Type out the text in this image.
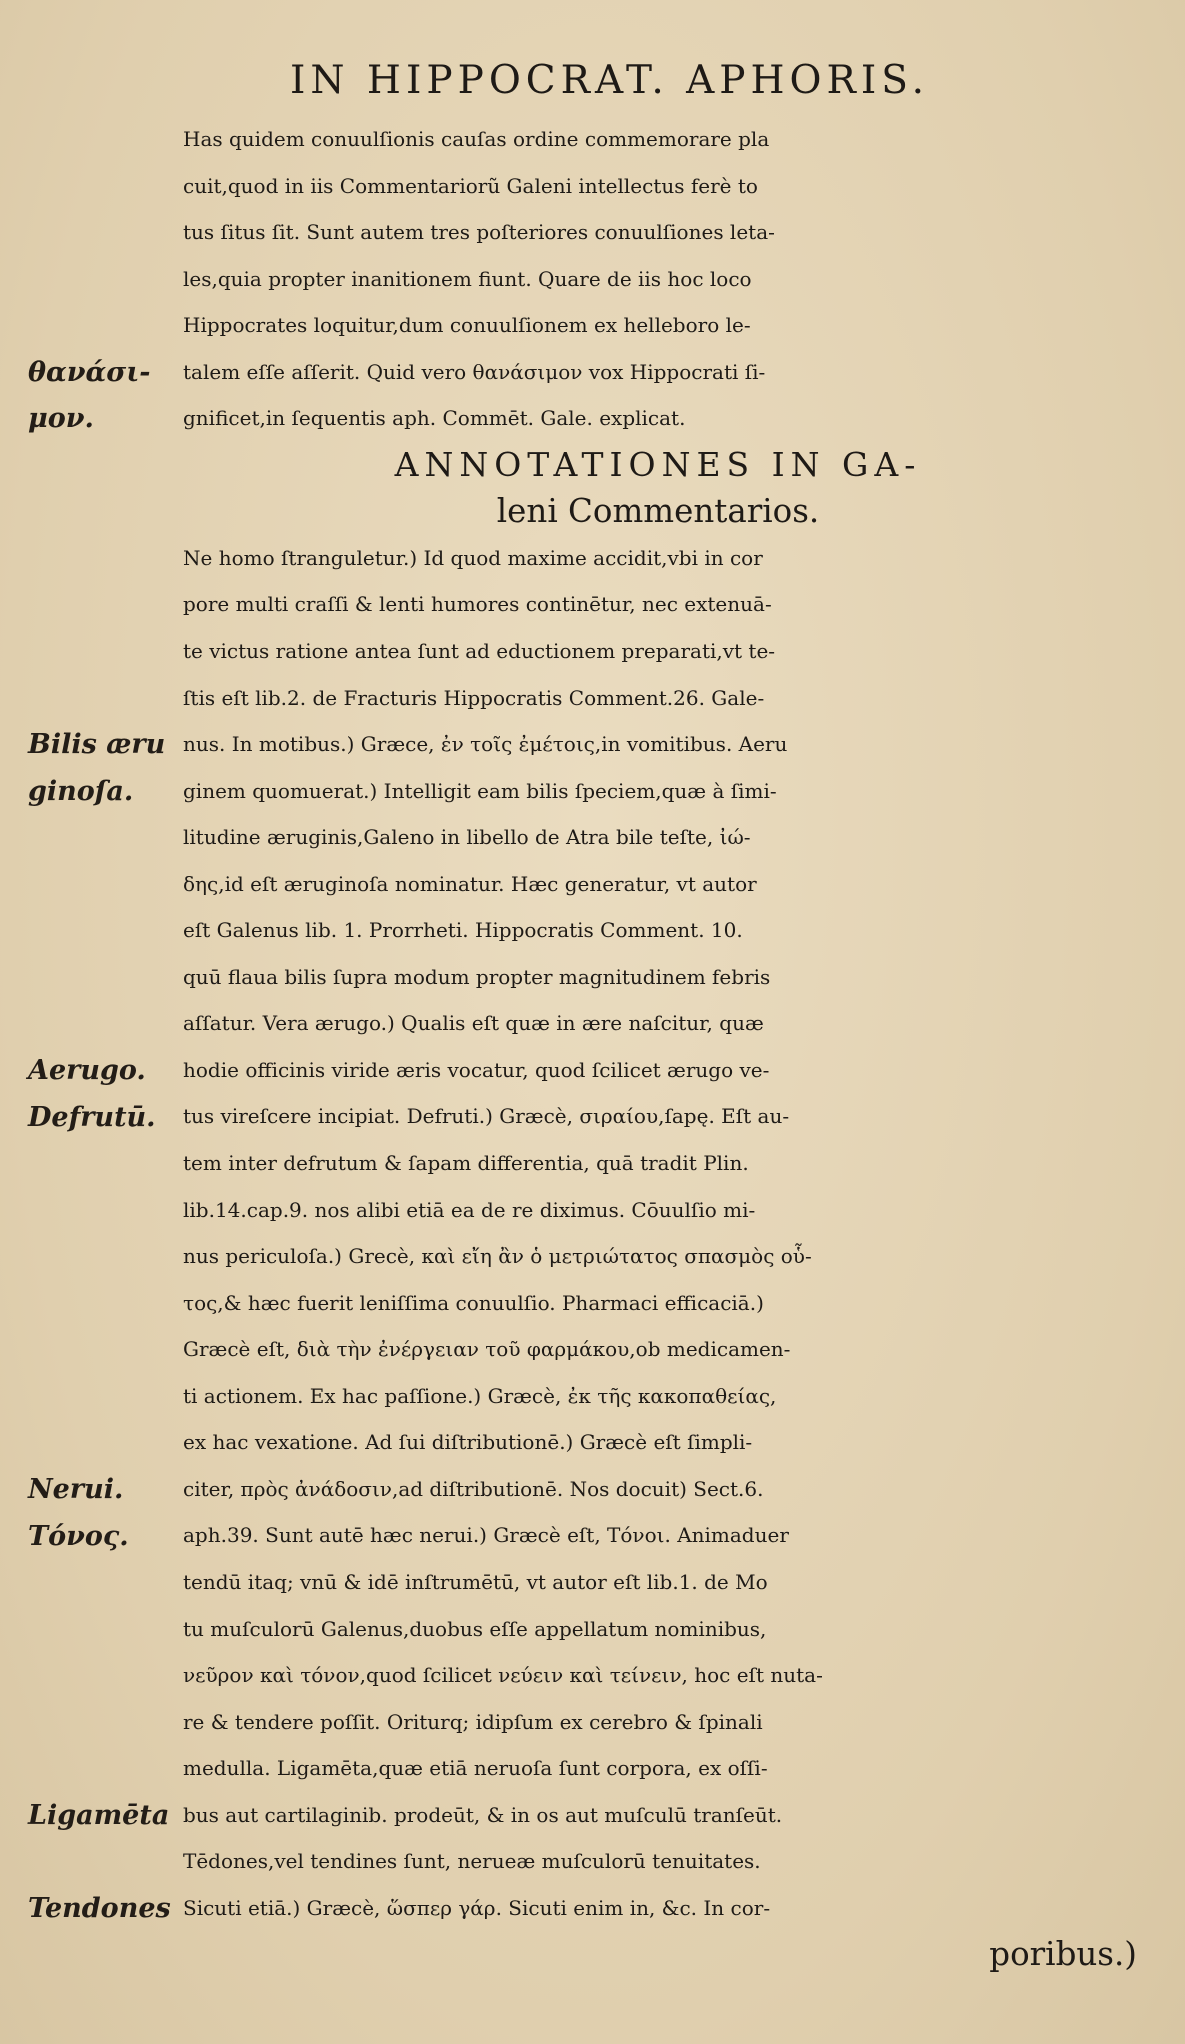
IN HIPPOCRAT. APHORIS.
Has quidem conuulſionis cauſas ordine commemorare pla
cuit,quod in iis Commentariorũ Galeni intellectus ferè to
tus ſitus ſit. Sunt autem tres poſteriores conuulſiones leta-
les,quia propter inanitionem fiunt. Quare de iis hoc loco
Hippocrates loquitur,dum conuulſionem ex helleboro le-
talem eſſe aſſerit. Quid vero θανάσιμον vox Hippocrati ſi-
gnificet,in ſequentis aph. Commēt. Gale. explicat.
ANNOTATIONES IN GA-
leni Commentarios.
Ne homo ſtranguletur.) Id quod maxime accidit,vbi in cor
pore multi craſſi & lenti humores continētur, nec extenuā-
te victus ratione antea ſunt ad eductionem preparati,vt te-
ſtis eſt lib.2. de Fracturis Hippocratis Comment.26. Gale-
nus. In motibus.) Græce, ἐν τοῖς ἐμέτοις,in vomitibus. Aeru
ginem quomuerat.) Intelligit eam bilis ſpeciem,quæ à ſimi-
litudine æruginis,Galeno in libello de Atra bile teſte, ἰώ-
δης,id eſt æruginoſa nominatur. Hæc generatur, vt autor
eſt Galenus lib. 1. Prorrheti. Hippocratis Comment. 10.
quū flaua bilis ſupra modum propter magnitudinem febris
aſſatur. Vera ærugo.) Qualis eſt quæ in ære naſcitur, quæ
hodie officinis viride æris vocatur, quod ſcilicet ærugo ve-
tus vireſcere incipiat. Defruti.) Græcè, σιραίου,ſapę. Eſt au-
tem inter defrutum & ſapam differentia, quā tradit Plin.
lib.14.cap.9. nos alibi etiā ea de re diximus. Cōuulſio mi-
nus periculoſa.) Grecè, καὶ εἴη ἂν ὁ μετριώτατος σπασμὸς οὗ-
τος,& hæc fuerit leniſſima conuulſio. Pharmaci efficaciā.)
Græcè eſt, διὰ τὴν ἐνέργειαν τοῦ φαρμάκου,ob medicamen-
ti actionem. Ex hac paſſione.) Græcè, ἐκ τῆς κακοπαθείας,
ex hac vexatione. Ad ſui diſtributionē.) Græcè eſt ſimpli-
citer, πρὸς ἀνάδοσιν,ad diſtributionē. Nos docuit) Sect.6.
aph.39. Sunt autē hæc nerui.) Græcè eſt, Τόνοι. Animaduer
tendū itaq; vnū & idē inſtrumētū, vt autor eſt lib.1. de Mo
tu muſculorū Galenus,duobus eſſe appellatum nominibus,
νεῦρον καὶ τόνον,quod ſcilicet νεύειν καὶ τείνειν, hoc eſt nuta-
re & tendere poſſit. Oriturq; idipſum ex cerebro & ſpinali
medulla. Ligamēta,quæ etiā neruoſa ſunt corpora, ex oſſi-
bus aut cartilaginib. prodeūt, & in os aut muſculū tranſeūt.
Tēdones,vel tendines ſunt, nerueæ muſculorū tenuitates.
Sicuti etiā.) Græcè, ὥσπερ γάρ. Sicuti enim in, &c. In cor-
poribus.)
θανάσι-
μον.
Bilis æru
ginoſa.
Aerugo.
Defrutū.
Nerui.
Τόνος.
Ligamēta
Tendones
